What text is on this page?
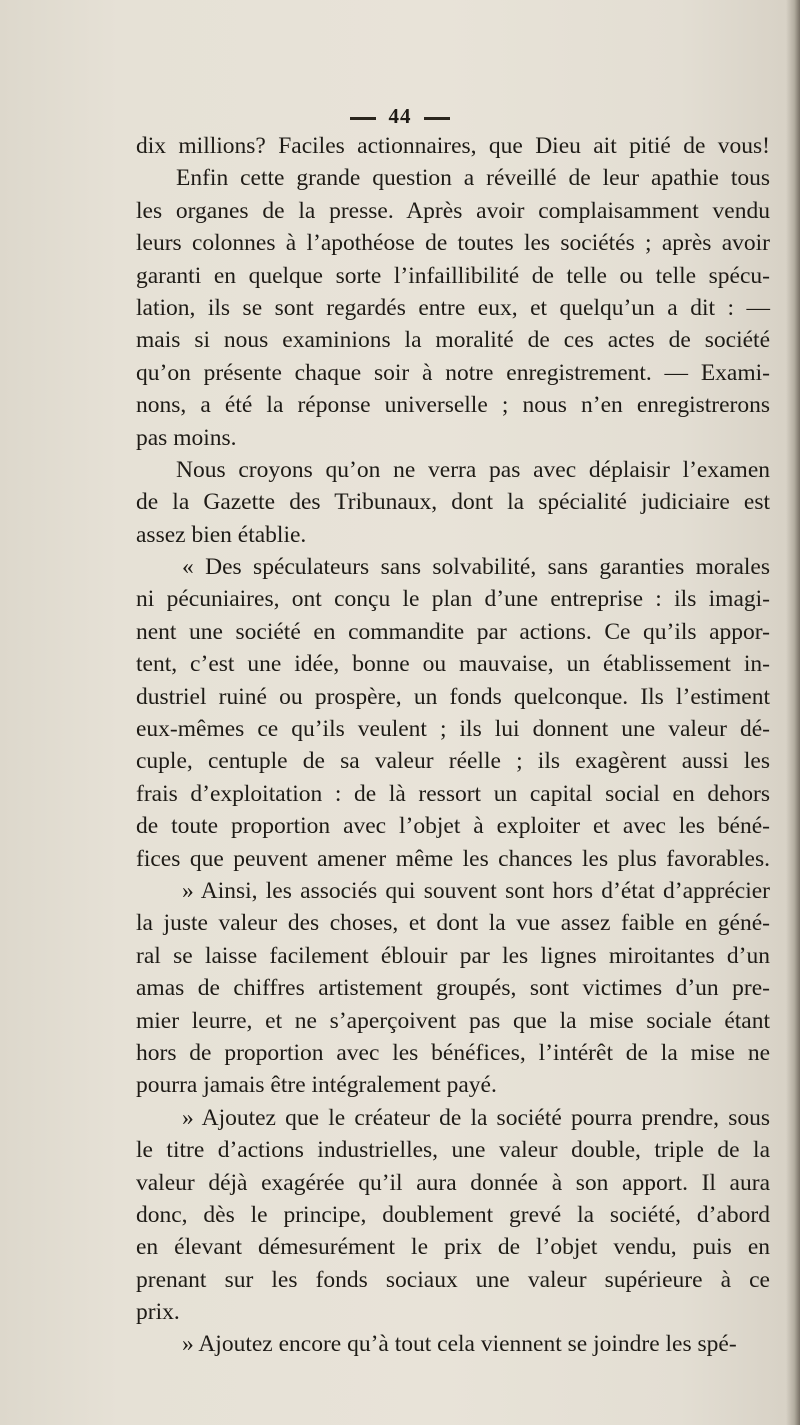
44
dix millions? Faciles actionnaires, que Dieu ait pitié de vous!
Enfin cette grande question a réveillé de leur apathie tous
les organes de la presse. Après avoir complaisamment vendu
leurs colonnes à l’apothéose de toutes les sociétés ; après avoir
garanti en quelque sorte l’infaillibilité de telle ou telle spécu-
lation, ils se sont regardés entre eux, et quelqu’un a dit : —
mais si nous examinions la moralité de ces actes de société
qu’on présente chaque soir à notre enregistrement. — Exami-
nons, a été la réponse universelle ; nous n’en enregistrerons
pas moins.
Nous croyons qu’on ne verra pas avec déplaisir l’examen
de la Gazette des Tribunaux, dont la spécialité judiciaire est
assez bien établie.
« Des spéculateurs sans solvabilité, sans garanties morales
ni pécuniaires, ont conçu le plan d’une entreprise : ils imagi-
nent une société en commandite par actions. Ce qu’ils appor-
tent, c’est une idée, bonne ou mauvaise, un établissement in-
dustriel ruiné ou prospère, un fonds quelconque. Ils l’estiment
eux-mêmes ce qu’ils veulent ; ils lui donnent une valeur dé-
cuple, centuple de sa valeur réelle ; ils exagèrent aussi les
frais d’exploitation : de là ressort un capital social en dehors
de toute proportion avec l’objet à exploiter et avec les béné-
fices que peuvent amener même les chances les plus favorables.
» Ainsi, les associés qui souvent sont hors d’état d’apprécier
la juste valeur des choses, et dont la vue assez faible en géné-
ral se laisse facilement éblouir par les lignes miroitantes d’un
amas de chiffres artistement groupés, sont victimes d’un pre-
mier leurre, et ne s’aperçoivent pas que la mise sociale étant
hors de proportion avec les bénéfices, l’intérêt de la mise ne
pourra jamais être intégralement payé.
» Ajoutez que le créateur de la société pourra prendre, sous
le titre d’actions industrielles, une valeur double, triple de la
valeur déjà exagérée qu’il aura donnée à son apport. Il aura
donc, dès le principe, doublement grevé la société, d’abord
en élevant démesurément le prix de l’objet vendu, puis en
prenant sur les fonds sociaux une valeur supérieure à ce
prix.
» Ajoutez encore qu’à tout cela viennent se joindre les spé-
